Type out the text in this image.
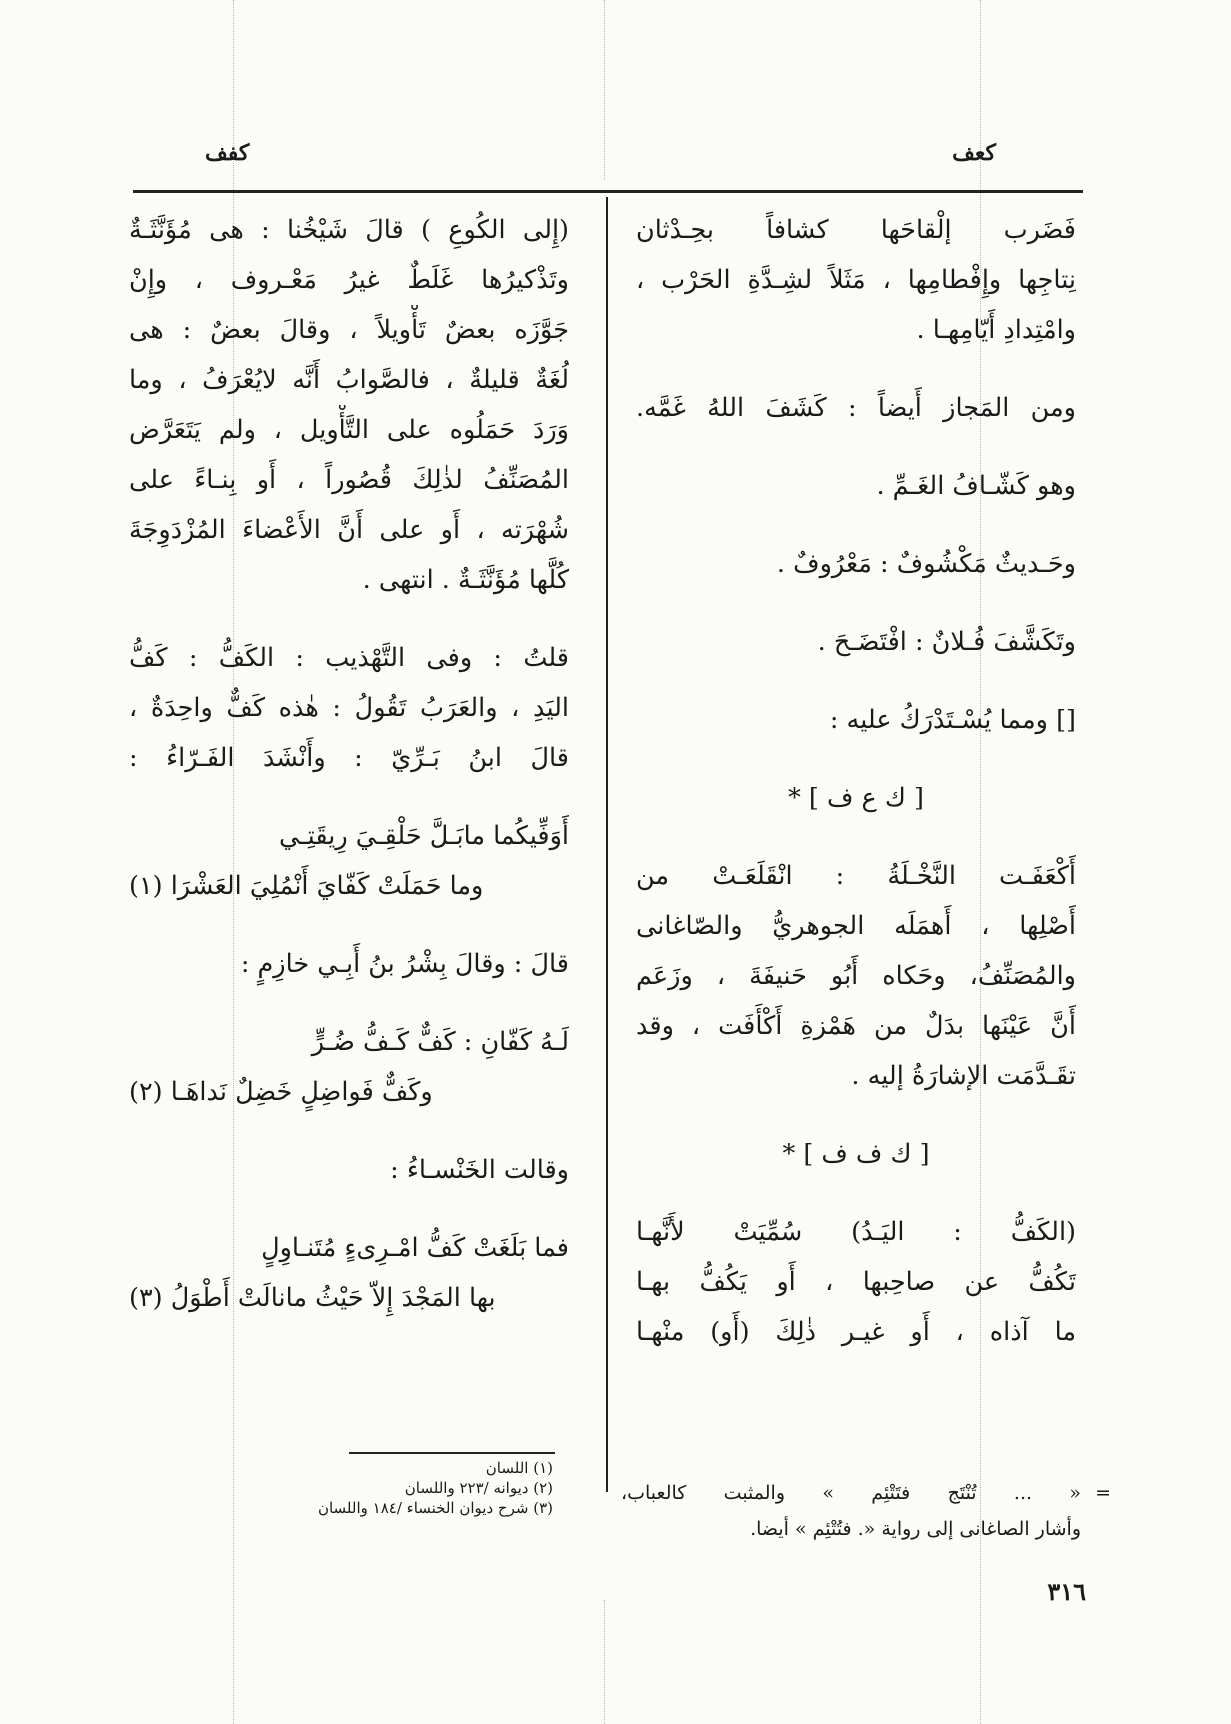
كعف
كفف
فَضَرب إلْقاحَها كشافاً بحِـدْثان
نِتاجِها وإِفْطامِها ، مَثَلاً لشِـدَّةِ الحَرْب ،
وامْتِدادِ أَيّامِهـا .
ومن المَجاز أَيضاً : كَشَفَ اللهُ غَمَّه.
وهو كَشّـافُ الغَـمِّ .
وحَـديثٌ مَكْشُوفٌ : مَعْرُوفٌ .
وتَكَشَّفَ فُـلانٌ : افْتَضَـحَ .
[] ومما يُسْـتَدْرَكُ عليه :
[ ك ع ف ] *
أَكْعَفَـت النَّخْـلَةُ : انْقَلَعَـتْ من
أَصْلِها ، أَهمَلَه الجوهريُّ والصّاغانى
والمُصَنِّفُ، وحَكاه أَبُو حَنيفَةَ ، وزَعَم
أَنَّ عَيْنَها بدَلٌ من هَمْزةِ أَكْأَفَت ، وقد
تقَـدَّمَت الإشارَةُ إليه .
[ ك ف ف ] *
(الكَفُّ : اليَـدُ) سُمِّيَتْ لأَنَّهـا
تَكُفُّ عن صاحِبها ، أَو يَكُفُّ بهـا
ما آذاه ، أَو غيـر ذٰلِكَ (أَو) منْهـا
(إِلى الكُوعِ ) قالَ شَيْخُنا : هى مُؤَنَّثَـةٌ
وتَذْكيرُها غَلَطٌ غيرُ مَعْـروف ، وإِنْ
جَوَّزَه بعضٌ تَأْويلاً ، وقالَ بعضٌ : هى
لُغَةٌ قليلةٌ ، فالصَّوابُ أَنَّه لايُعْرَفُ ، وما
وَرَدَ حَمَلُوه على التَّأْويل ، ولم يَتَعَرَّض
المُصَنِّفُ لذٰلِكَ قُصُوراً ، أَو بِنـاءً على
شُهْرَته ، أَو على أَنَّ الأَعْضاءَ المُزْدَوِجَةَ
كُلَّها مُؤَنَّثَـةٌ . انتهى .
قلتُ : وفى التَّهْذيب : الكَفُّ : كَفُّ
اليَدِ ، والعَرَبُ تَقُولُ : هٰذه كَفٌّ واحِدَةٌ ،
قالَ ابنُ بَـرِّيّ : وأَنْشَدَ الفَـرّاءُ :
أَوَفِّيكُما مابَـلَّ حَلْقِـيَ رِيقَتِـي
وما حَمَلَتْ كَفّايَ أَنْمُلِيَ العَشْرَا (١)
قالَ : وقالَ بِشْرُ بنُ أَبِـي خازِمٍ :
لَـهُ كَفّانِ : كَفٌّ كَـفُّ ضُـرٍّ
وكَفٌّ فَواضِلٍ خَضِلٌ نَداهَـا (٢)
وقالت الخَنْسـاءُ :
فما بَلَغَتْ كَفُّ امْـرِىءٍ مُتَنـاوِلٍ
بها المَجْدَ إِلاّ حَيْثُ مانالَتْ أَطْوَلُ (٣)
(١) اللسان
(٢) ديوانه /٢٢٣ واللسان
(٣) شرح ديوان الخنساء /١٨٤ واللسان
=
« ... تُنْتَج فتَتْئِم » والمثبت كالعباب،
وأشار الصاغانى إلى رواية «. فتُتْئِم » أيضا.
٣١٦
